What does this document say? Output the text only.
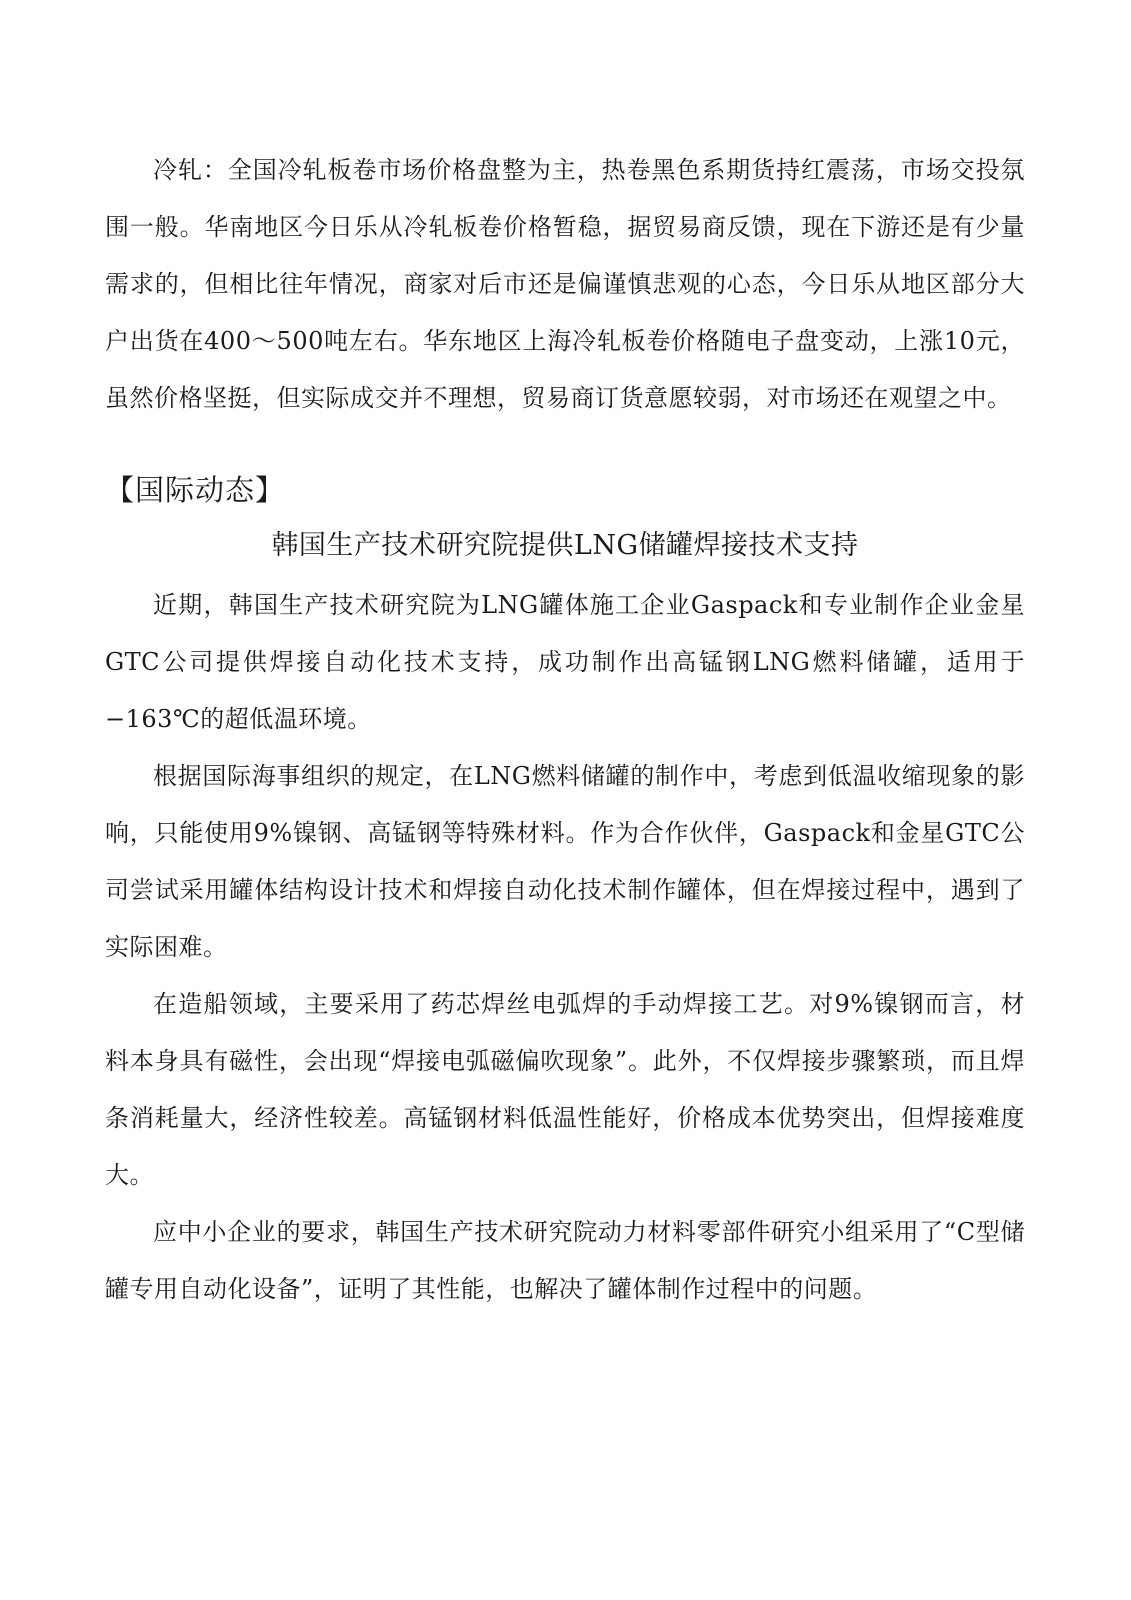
冷轧：全国冷轧板卷市场价格盘整为主，热卷黑色系期货持红震荡，市场交投氛围一般。华南地区今日乐从冷轧板卷价格暂稳，据贸易商反馈，现在下游还是有少量需求的，但相比往年情况，商家对后市还是偏谨慎悲观的心态，今日乐从地区部分大户出货在400～500吨左右。华东地区上海冷轧板卷价格随电子盘变动，上涨10元，虽然价格坚挺，但实际成交并不理想，贸易商订货意愿较弱，对市场还在观望之中。

【国际动态】
韩国生产技术研究院提供LNG储罐焊接技术支持

近期，韩国生产技术研究院为LNG罐体施工企业Gaspack和专业制作企业金星GTC公司提供焊接自动化技术支持，成功制作出高锰钢LNG燃料储罐，适用于−163℃的超低温环境。

根据国际海事组织的规定，在LNG燃料储罐的制作中，考虑到低温收缩现象的影响，只能使用9%镍钢、高锰钢等特殊材料。作为合作伙伴，Gaspack和金星GTC公司尝试采用罐体结构设计技术和焊接自动化技术制作罐体，但在焊接过程中，遇到了实际困难。

在造船领域，主要采用了药芯焊丝电弧焊的手动焊接工艺。对9%镍钢而言，材料本身具有磁性，会出现“焊接电弧磁偏吹现象”。此外，不仅焊接步骤繁琐，而且焊条消耗量大，经济性较差。高锰钢材料低温性能好，价格成本优势突出，但焊接难度大。

应中小企业的要求，韩国生产技术研究院动力材料零部件研究小组采用了“C型储罐专用自动化设备”，证明了其性能，也解决了罐体制作过程中的问题。
